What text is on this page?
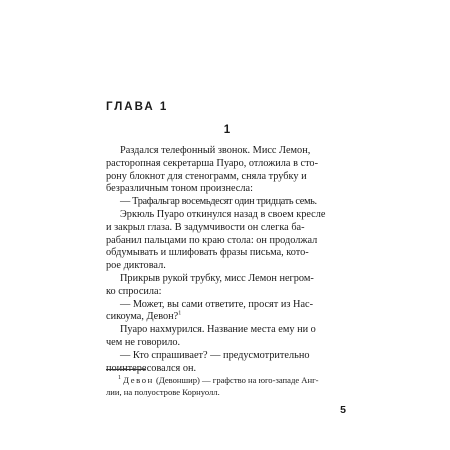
ГЛАВА 1
1

Раздался телефонный звонок. Мисс Лемон,

расторопная секретарша Пуаро, отложила в сто-

рону блокнот для стенограмм, сняла трубку и

безразличным тоном произнесла:

— Трафальгар восемьдесят один тридцать семь.

Эркюль Пуаро откинулся назад в своем кресле

и закрыл глаза. В задумчивости он слегка ба-

рабанил пальцами по краю стола: он продолжал

обдумывать и шлифовать фразы письма, кото-

рое диктовал.

Прикрыв рукой трубку, мисс Лемон негром-

ко спросила:

— Может, вы сами ответите, просят из Нас-

сикоума, Девон?$^1$

Пуаро нахмурился. Название места ему ни о

чем не говорило.

— Кто спрашивает? — предусмотрительно

поинтересовался он.

$^1$ Девон (Девоншир) — графство на юго-западе Анг-

лии, на полуострове Корнуолл.

5
